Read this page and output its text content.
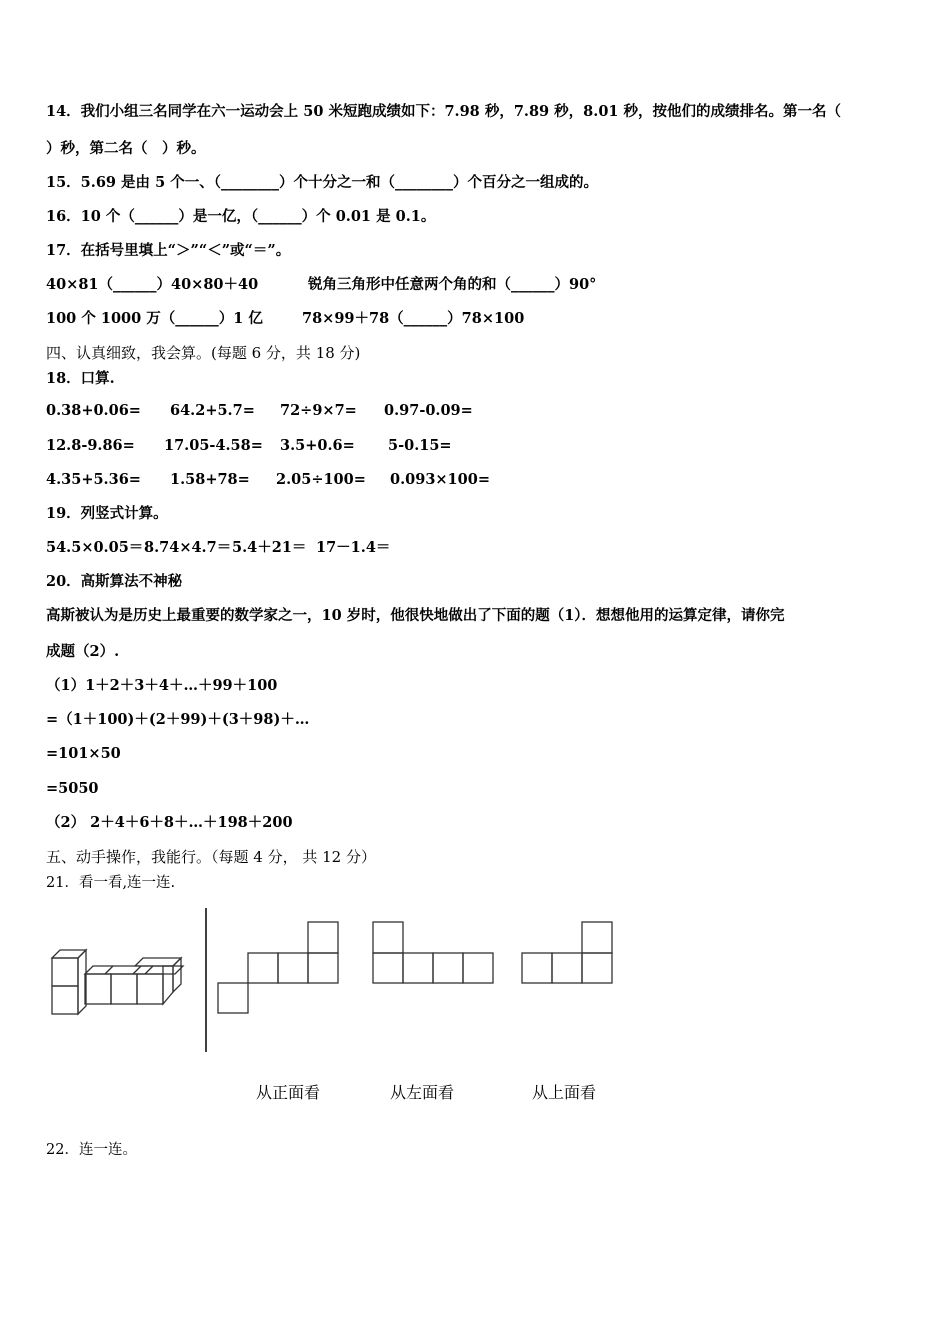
14．我们小组三名同学在六一运动会上 50 米短跑成绩如下：7.98 秒，7.89 秒，8.01 秒，按他们的成绩排名。第一名（
）秒，第二名（　）秒。
15．5.69 是由 5 个一、（________）个十分之一和（________）个百分之一组成的。
16．10 个（______）是一亿，（______）个 0.01 是 0.1。
17．在括号里填上“＞”“＜”或“＝”。
40×81（______）40×80＋40	锐角三角形中任意两个角的和（______）90°
100 个 1000 万（______）1 亿	78×99＋78（______）78×100
四、认真细致，我会算。(每题 6 分，共 18 分)
18．口算.
0.38+0.06= 64.2+5.7= 72÷9×7= 0.97-0.09=
12.8-9.86= 17.05-4.58= 3.5+0.6= 5-0.15=
4.35+5.36= 1.58+78= 2.05÷100= 0.093×100=
19．列竖式计算。
54.5×0.05＝ 8.74×4.7＝ 5.4＋21＝ 17－1.4＝
20．高斯算法不神秘
高斯被认为是历史上最重要的数学家之一，10 岁时，他很快地做出了下面的题（1）．想想他用的运算定律，请你完
成题（2）.
（1）1＋2＋3＋4＋…＋99＋100
=（1＋100)＋(2＋99)＋(3＋98)＋…
=101×50
=5050
（2） 2＋4＋6＋8＋…＋198＋200
五、动手操作，我能行。（每题 4 分， 共 12 分）
21．看一看,连一连.
从正面看	从左面看	从上面看
22．连一连。
